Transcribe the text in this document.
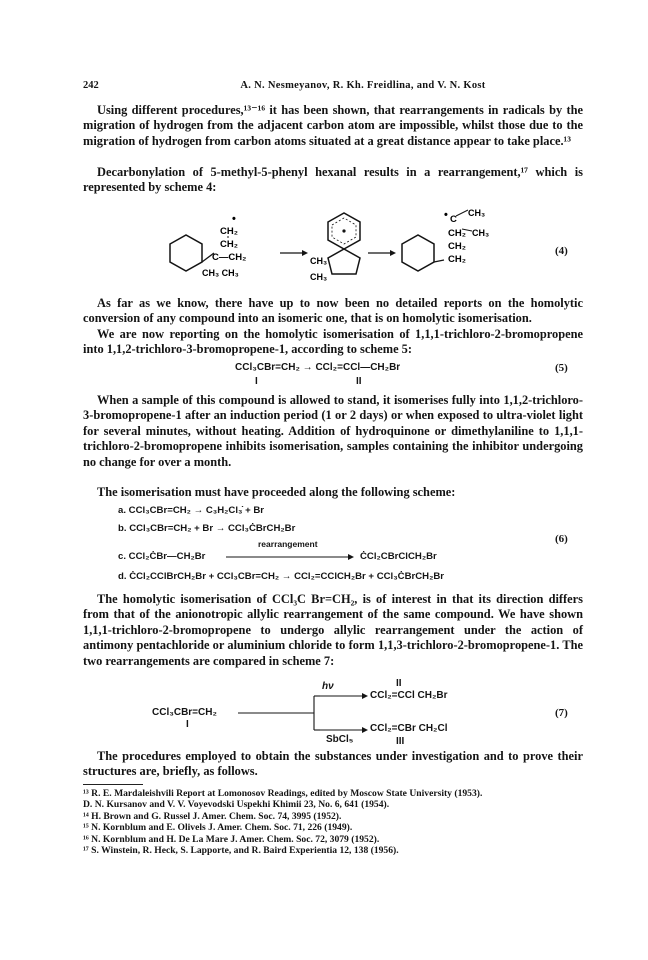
242	A. N. Nesmeyanov, R. Kh. Freidlina, and V. N. Kost

Using different procedures,¹³⁻¹⁶ it has been shown, that rearrangements in radicals by the migration of hydrogen from the adjacent carbon atom are impossible, whilst those due to the migration of hydrogen from carbon atoms situated at a great distance appear to take place.¹³

Decarbonylation of 5-methyl-5-phenyl hexanal results in a rearrangement,¹⁷ which is represented by scheme 4:

•
CH₂
CH₂
C—CH₂
CH₃ CH₃
CH₃
CH₃
• C
CH₃
CH₂ CH₃
CH₂
CH₂
(4)

As far as we know, there have up to now been no detailed reports on the homolytic conversion of any compound into an isomeric one, that is on homolytic isomerisation.

We are now reporting on the homolytic isomerisation of 1,1,1-trichloro-2-bromopropene into 1,1,2-trichloro-3-bromopropene-1, according to scheme 5:

CCl₃CBr=CH₂ → CCl₂=CCl—CH₂Br
I	II
(5)

When a sample of this compound is allowed to stand, it isomerises fully into 1,1,2-trichloro-3-bromopropene-1 after an induction period (1 or 2 days) or when exposed to ultra-violet light for several minutes, without heating. Addition of hydroquinone or dimethylaniline to 1,1,1-trichloro-2-bromopropene inhibits isomerisation, samples containing the inhibitor undergoing no change for over a month.

The isomerisation must have proceeded along the following scheme:

a. CCl₃CBr=CH₂ → C₃H₂Cl₃̇ + Br
b. CCl₃CBr=CH₂ + Br → CCl₃ĊBrCH₂Br
c. CCl₂ĊBr—CH₂Br
rearrangement
ĊCl₂CBrClCH₂Br
d. ĊCl₂CClBrCH₂Br + CCl₃CBr=CH₂ → CCl₂=CClCH₂Br + CCl₃ĊBrCH₂Br
(6)

The homolytic isomerisation of CCl₃C Br=CH₂, is of interest in that its direction differs from that of the anionotropic allylic rearrangement of the same compound. We have shown 1,1,1-trichloro-2-bromopropene to undergo allylic rearrangement under the action of antimony pentachloride or aluminium chloride to form 1,1,3-trichloro-2-bromopropene-1. The two rearrangements are compared in scheme 7:

CCl₃CBr=CH₂
I
hν
CCl₂=CCl CH₂Br
II
SbCl₅
CCl₂=CBr CH₂Cl
III
(7)

The procedures employed to obtain the substances under investigation and to prove their structures are, briefly, as follows.

¹³ R. E. Mardaleishvili Report at Lomonosov Readings, edited by Moscow State University (1953).
D. N. Kursanov and V. V. Voyevodski Uspekhi Khimii 23, No. 6, 641 (1954).
¹⁴ H. Brown and G. Russel J. Amer. Chem. Soc. 74, 3995 (1952).
¹⁵ N. Kornblum and E. Olivels J. Amer. Chem. Soc. 71, 226 (1949).
¹⁶ N. Kornblum and H. De La Mare J. Amer. Chem. Soc. 72, 3079 (1952).
¹⁷ S. Winstein, R. Heck, S. Lapporte, and R. Baird Experientia 12, 138 (1956).
